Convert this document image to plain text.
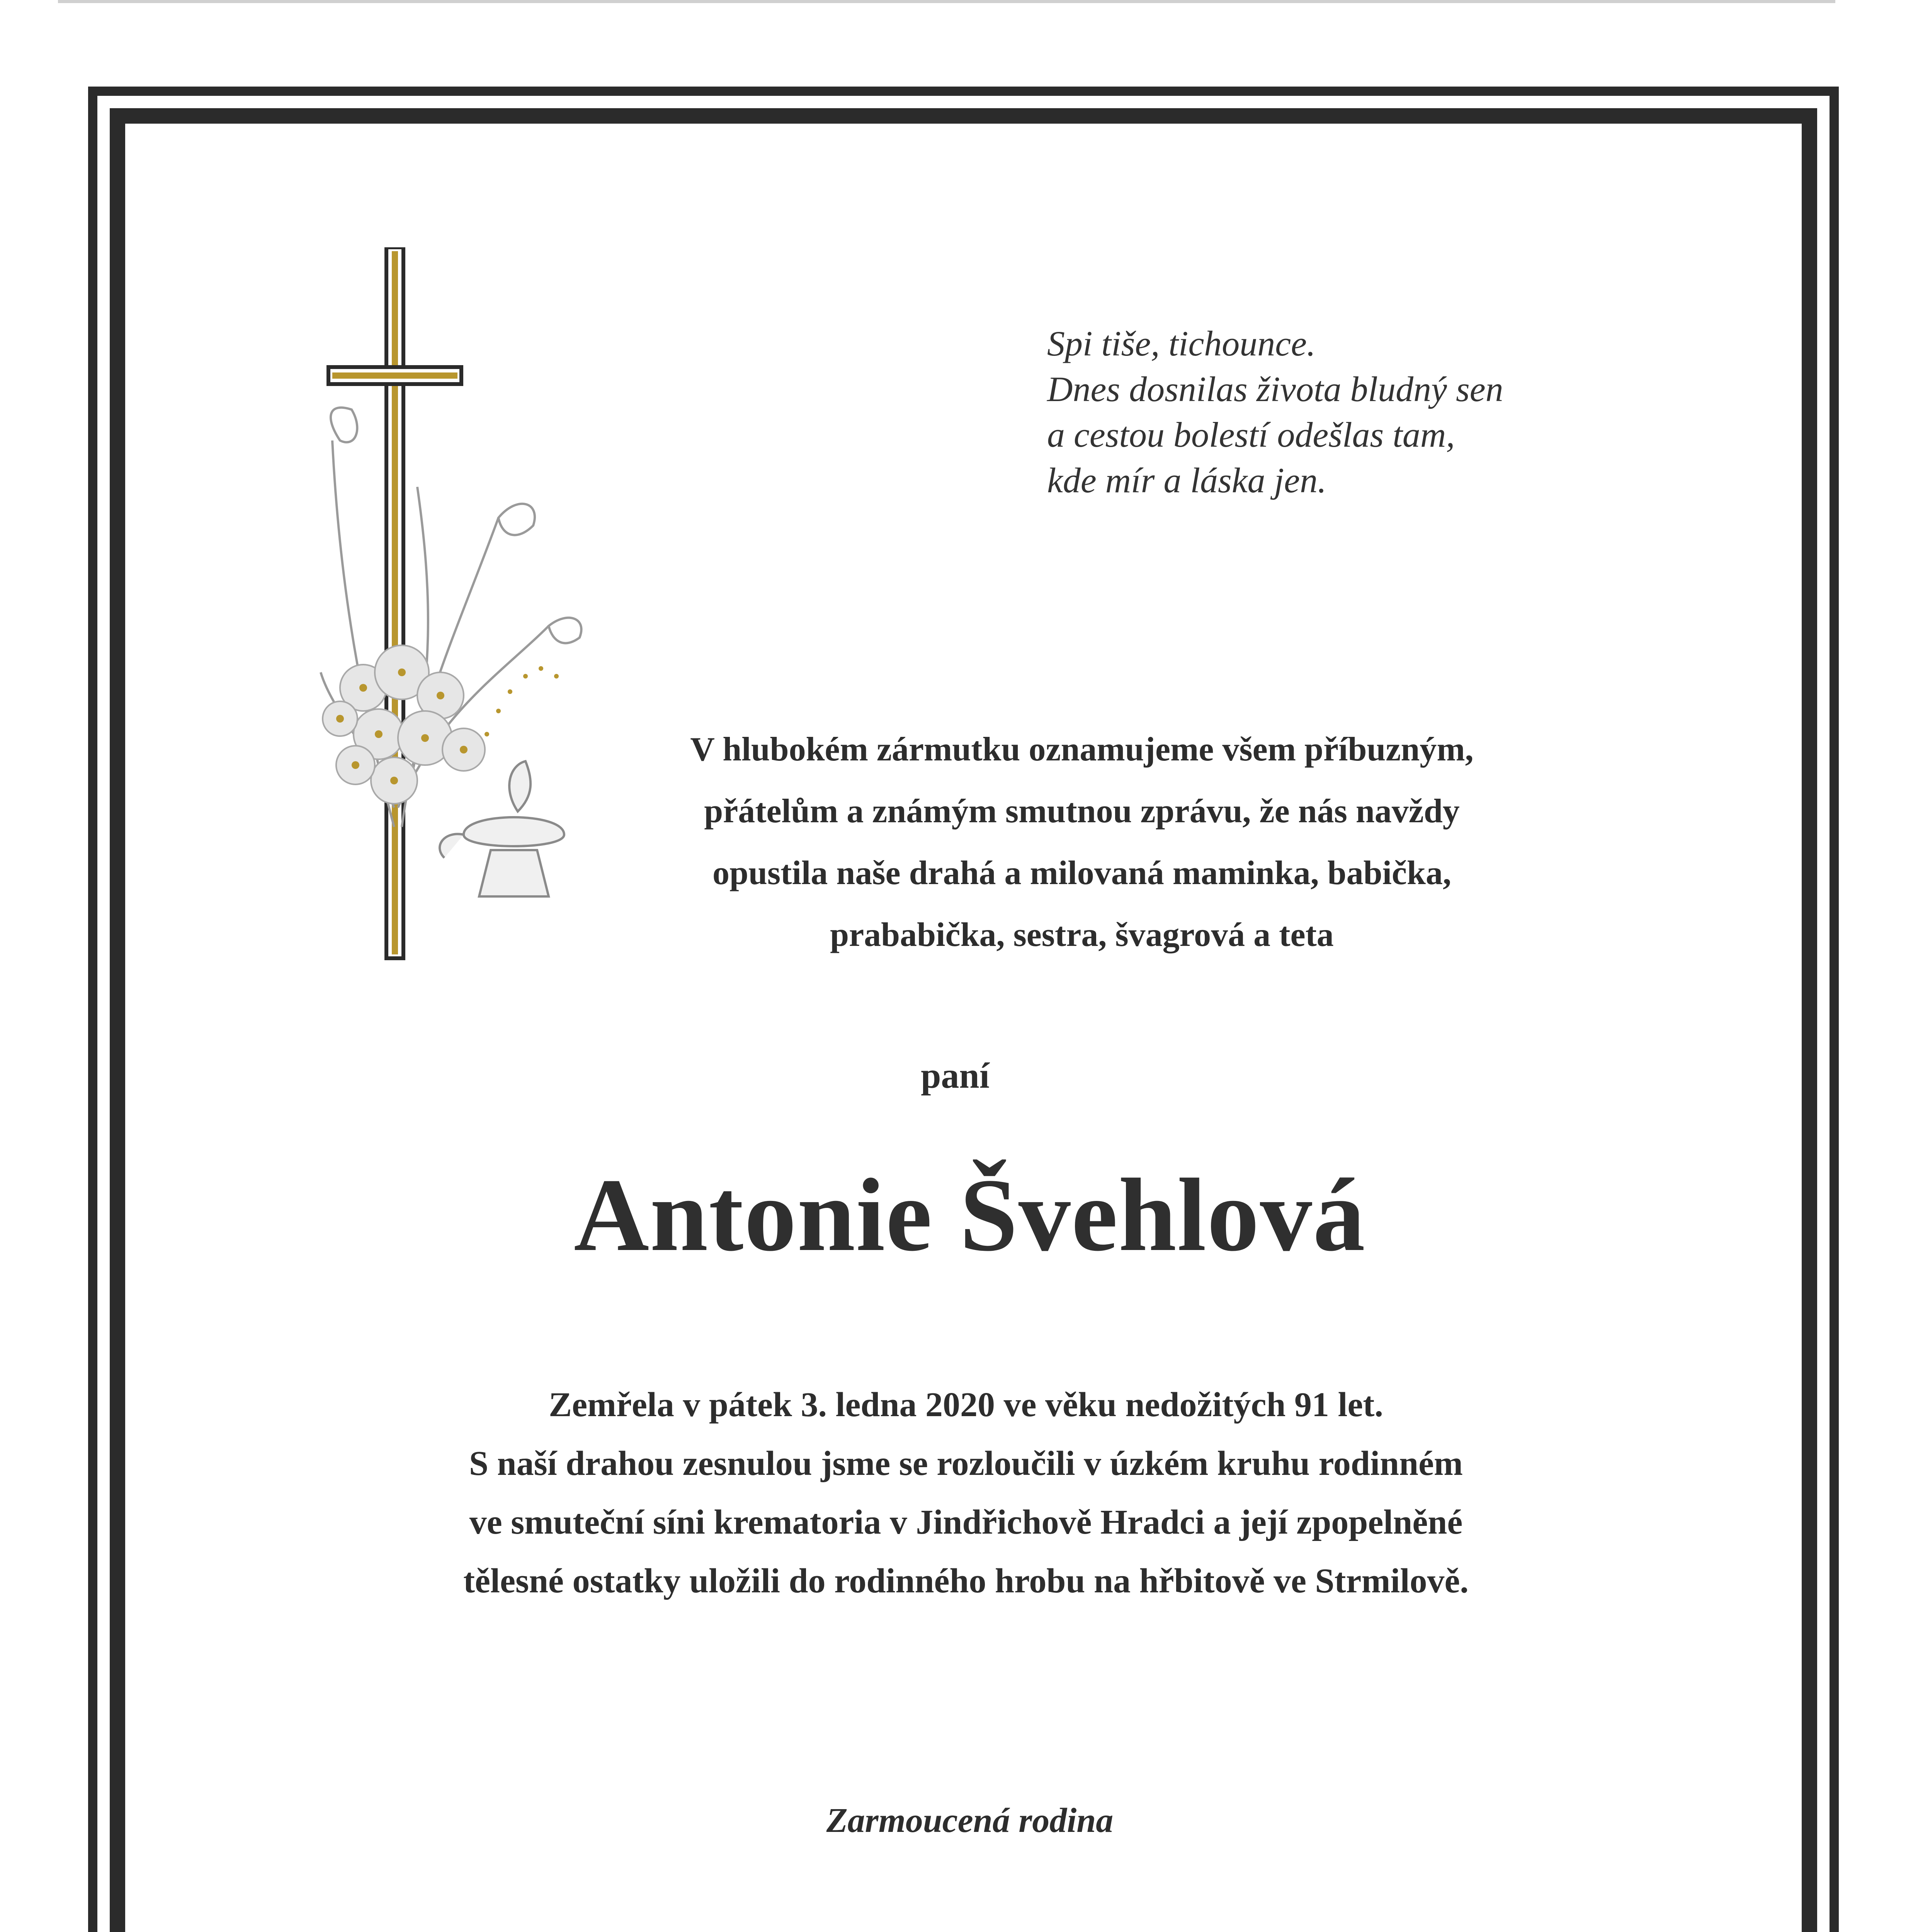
Spi tiše, tichounce.
Dnes dosnilas života bludný sen
a cestou bolestí odešlas tam,
kde mír a láska jen.
V hlubokém zármutku oznamujeme všem příbuzným,
přátelům a známým smutnou zprávu, že nás navždy
opustila naše drahá a milovaná maminka, babička,
prababička, sestra, švagrová a teta
paní
Antonie Švehlová
Zemřela v pátek 3. ledna 2020 ve věku nedožitých 91 let.
S naší drahou zesnulou jsme se rozloučili v úzkém kruhu rodinném
ve smuteční síni krematoria v Jindřichově Hradci a její zpopelněné
tělesné ostatky uložili do rodinného hrobu na hřbitově ve Strmilově.
Zarmoucená rodina
